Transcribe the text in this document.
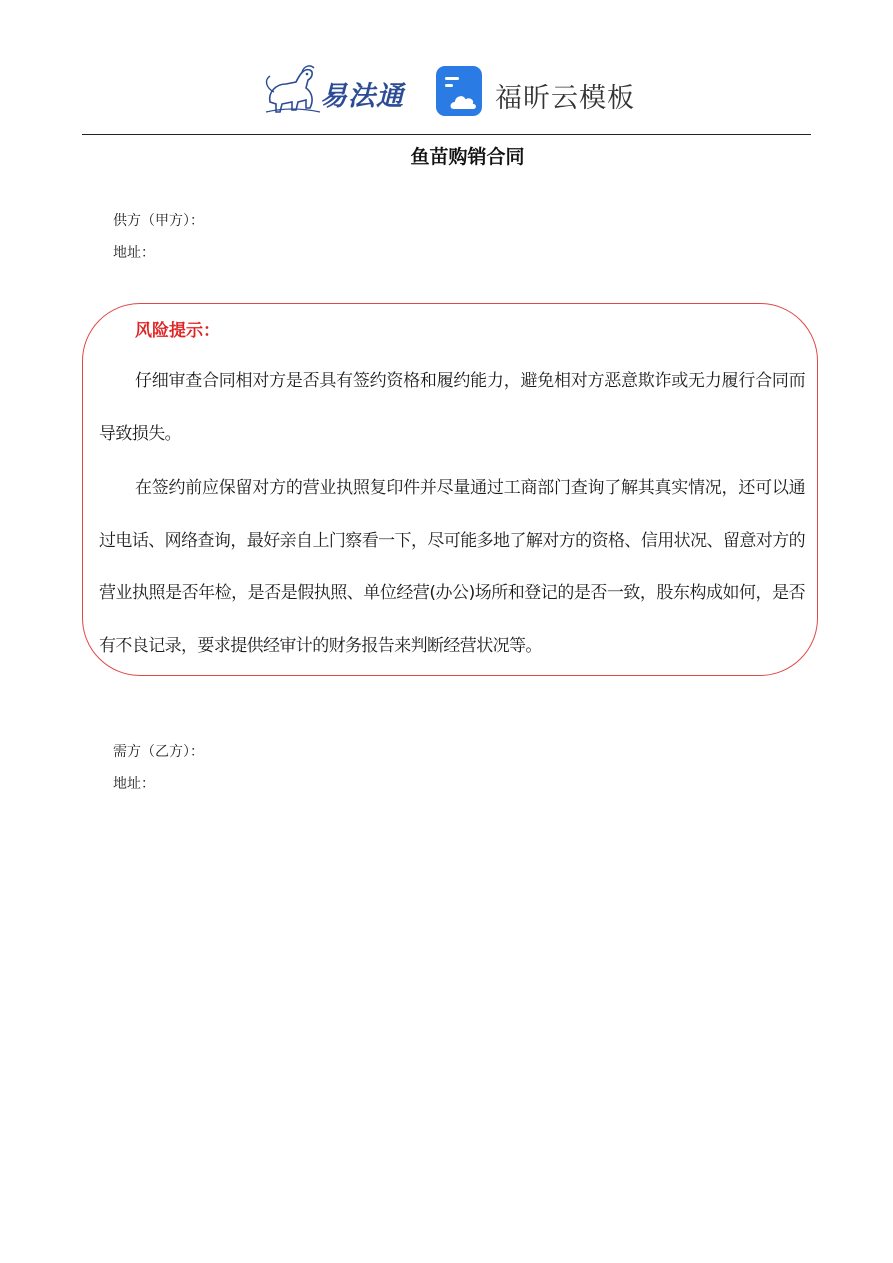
易法通	福昕云模板
鱼苗购销合同
供方（甲方）：
地址：
风险提示：
仔细审查合同相对方是否具有签约资格和履约能力，避免相对方恶意欺诈或无力履行合同而导致损失。
在签约前应保留对方的营业执照复印件并尽量通过工商部门查询了解其真实情况，还可以通过电话、网络查询，最好亲自上门察看一下，尽可能多地了解对方的资格、信用状况、留意对方的营业执照是否年检，是否是假执照、单位经营(办公)场所和登记的是否一致，股东构成如何，是否有不良记录，要求提供经审计的财务报告来判断经营状况等。
需方（乙方）：
地址：
